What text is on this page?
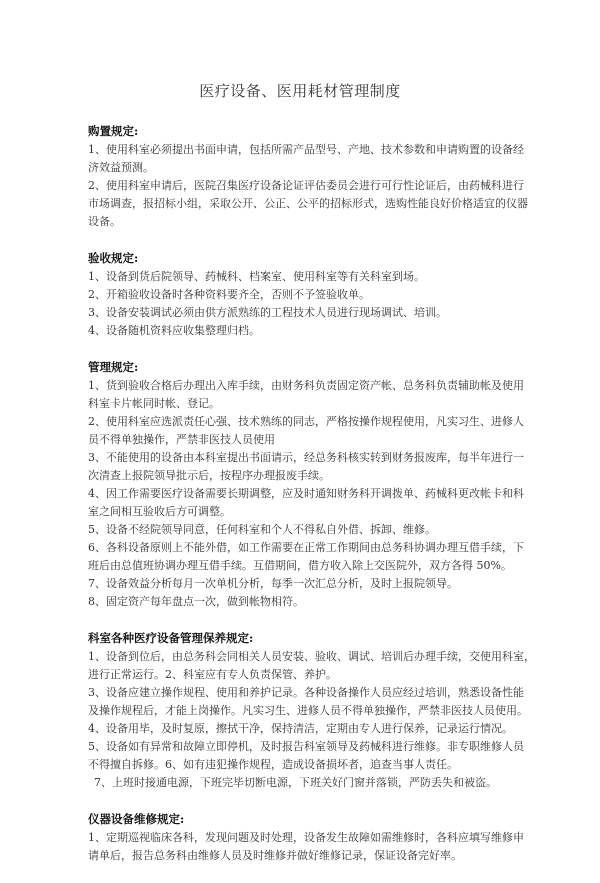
医疗设备、医用耗材管理制度
购置规定:
1、使用科室必须提出书面申请，包括所需产品型号、产地、技术参数和申请购置的设备经
济效益预测。
2、使用科室申请后，医院召集医疗设备论证评估委员会进行可行性论证后，由药械科进行
市场调查，报招标小组，采取公开、公正、公平的招标形式，选购性能良好价格适宜的仪器
设备。
验收规定:
1、设备到货后院领导、药械科、档案室、使用科室等有关科室到场。
2、开箱验收设备时各种资料要齐全，否则不予签验收单。
3、设备安装调试必须由供方派熟练的工程技术人员进行现场调试、培训。
4、设备随机资料应收集整理归档。
管理规定:
1、货到验收合格后办理出入库手续，由财务科负责固定资产帐、总务科负责辅助帐及使用
科室卡片帐同时帐、登记。
2、使用科室应选派责任心强、技术熟练的同志，严格按操作规程使用，凡实习生、进修人
员不得单独操作，严禁非医技人员使用
3、不能使用的设备由本科室提出书面请示，经总务科核实转到财务报废库，每半年进行一
次清查上报院领导批示后，按程序办理报废手续。
4、因工作需要医疗设备需要长期调整，应及时通知财务科开调拨单、药械科更改帐卡和科
室之间相互验收后方可调整。
5、设备不经院领导同意，任何科室和个人不得私自外借、拆卸、维修。
6、各科设备原则上不能外借，如工作需要在正常工作期间由总务科协调办理互借手续，下
班后由总值班协调办理互借手续。互借期间，借方收入除上交医院外，双方各得 50%。
7、设备效益分析每月一次单机分析，每季一次汇总分析，及时上报院领导。
8、固定资产每年盘点一次，做到帐物相符。
科室各种医疗设备管理保养规定:
1、设备到位后，由总务科会同相关人员安装、验收、调试、培训后办理手续，交使用科室，
进行正常运行。2、科室应有专人负责保管、养护。
3、设备应建立操作规程、使用和养护记录。各种设备操作人员应经过培训，熟悉设备性能
及操作规程后，才能上岗操作。凡实习生、进修人员不得单独操作，严禁非医技人员使用。
4、设备用毕，及时复原，擦拭干净，保持清洁，定期由专人进行保养，记录运行情况。
5、设备如有异常和故障立即停机，及时报告科室领导及药械科进行维修。非专职维修人员
不得擅自拆修。6、如有违犯操作规程，造成设备损坏者，追查当事人责任。
7、上班时接通电源，下班完毕切断电源，下班关好门窗并落锁，严防丢失和被盗。
仪器设备维修规定:
1、定期巡视临床各科，发现问题及时处理，设备发生故障如需维修时，各科应填写维修申
请单后，报告总务科由维修人员及时维修并做好维修记录，保证设备完好率。
